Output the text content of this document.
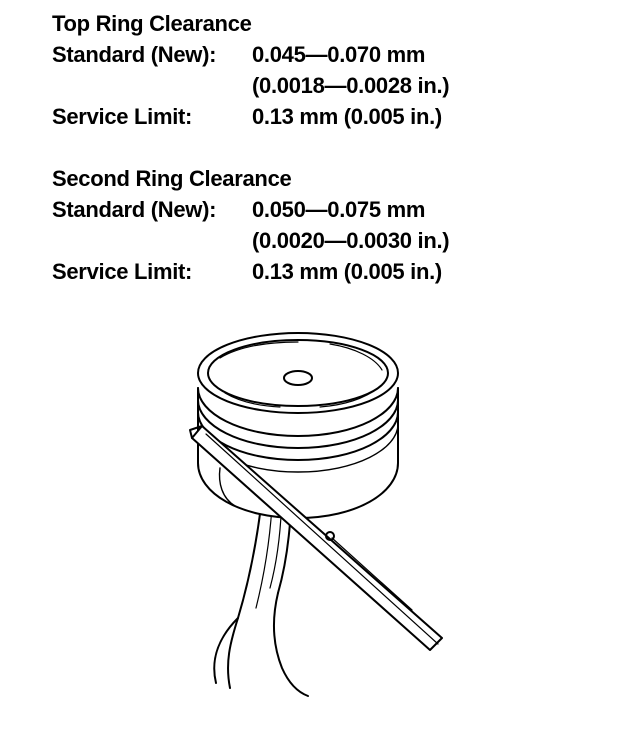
Top Ring Clearance
Standard (New):	0.045—0.070 mm
(0.0018—0.0028 in.)
Service Limit:	0.13 mm (0.005 in.)
Second Ring Clearance
Standard (New):	0.050—0.075 mm
(0.0020—0.0030 in.)
Service Limit:	0.13 mm (0.005 in.)
